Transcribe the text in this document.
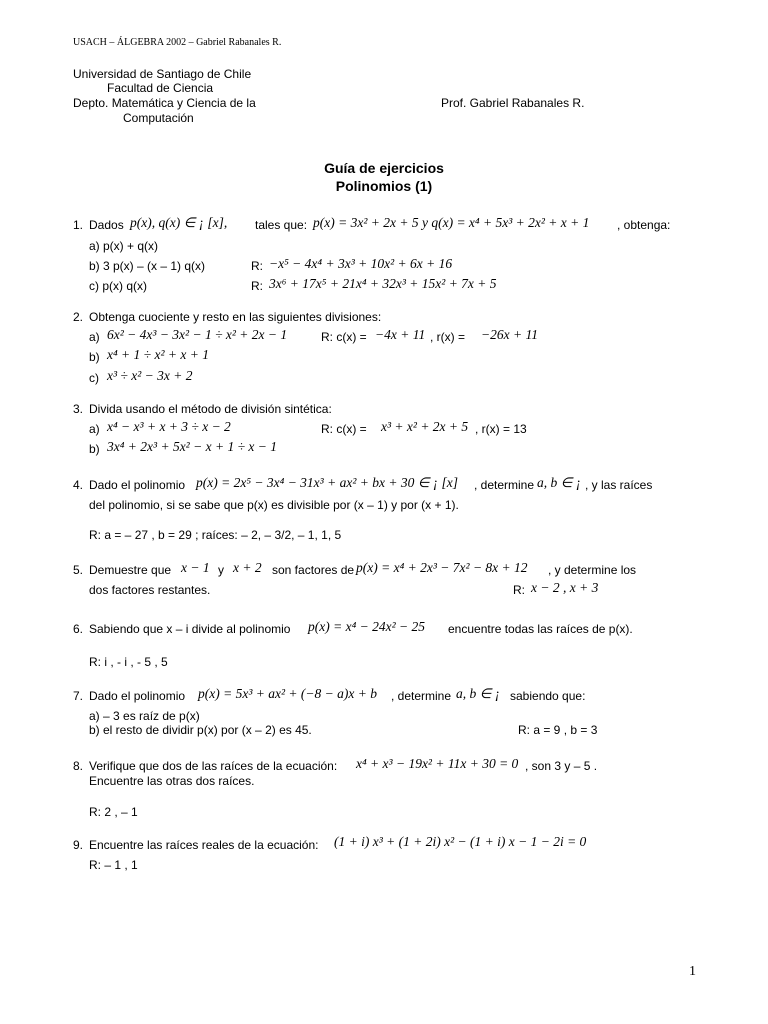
USACH – ÁLGEBRA 2002 – Gabriel Rabanales R.
Universidad de Santiago de Chile
Facultad de Ciencia
Depto. Matemática y Ciencia de la
Computación
Prof. Gabriel Rabanales R.
Guía de ejercicios
Polinomios (1)
1. Dados p(x), q(x) ∈ ¡ [x], tales que: p(x) = 3x² + 2x + 5 y q(x) = x⁴ + 5x³ + 2x² + x + 1 , obtenga:
a) p(x) + q(x)
b) 3 p(x) – (x – 1) q(x)	R: −x⁵ − 4x⁴ + 3x³ + 10x² + 6x + 16
c) p(x) q(x)	R: 3x⁶ + 17x⁵ + 21x⁴ + 32x³ + 15x² + 7x + 5
2. Obtenga cuociente y resto en las siguientes divisiones:
a) 6x² − 4x³ − 3x² − 1 ÷ x² + 2x − 1	R: c(x) = −4x + 11 , r(x) = −26x + 11
b) x⁴ + 1 ÷ x² + x + 1
c) x³ ÷ x² − 3x + 2
3. Divida usando el método de división sintética:
a) x⁴ − x³ + x + 3 ÷ x − 2	R: c(x) = x³ + x² + 2x + 5 , r(x) = 13
b) 3x⁴ + 2x³ + 5x² − x + 1 ÷ x − 1
4. Dado el polinomio p(x) = 2x⁵ − 3x⁴ − 31x³ + ax² + bx + 30 ∈ ¡ [x] , determine a, b ∈ ¡ , y las raíces
del polinomio, si se sabe que p(x) es divisible por (x – 1) y por (x + 1).
R: a = – 27 , b = 29 ; raíces: – 2, – 3/2, – 1, 1, 5
5. Demuestre que x − 1 y x + 2 son factores de p(x) = x⁴ + 2x³ − 7x² − 8x + 12 , y determine los
dos factores restantes.	R: x − 2 , x + 3
6. Sabiendo que x – i divide al polinomio p(x) = x⁴ − 24x² − 25 encuentre todas las raíces de p(x).
R: i , - i , - 5 , 5
7. Dado el polinomio p(x) = 5x³ + ax² + (−8 − a)x + b , determine a, b ∈ ¡ sabiendo que:
a) – 3 es raíz de p(x)
b) el resto de dividir p(x) por (x – 2) es 45.	R: a = 9 , b = 3
8. Verifique que dos de las raíces de la ecuación: x⁴ + x³ − 19x² + 11x + 30 = 0 , son 3 y – 5 .
Encuentre las otras dos raíces.
R: 2 , – 1
9. Encuentre las raíces reales de la ecuación: (1 + i) x³ + (1 + 2i) x² − (1 + i) x − 1 − 2i = 0
R: – 1 , 1
1
